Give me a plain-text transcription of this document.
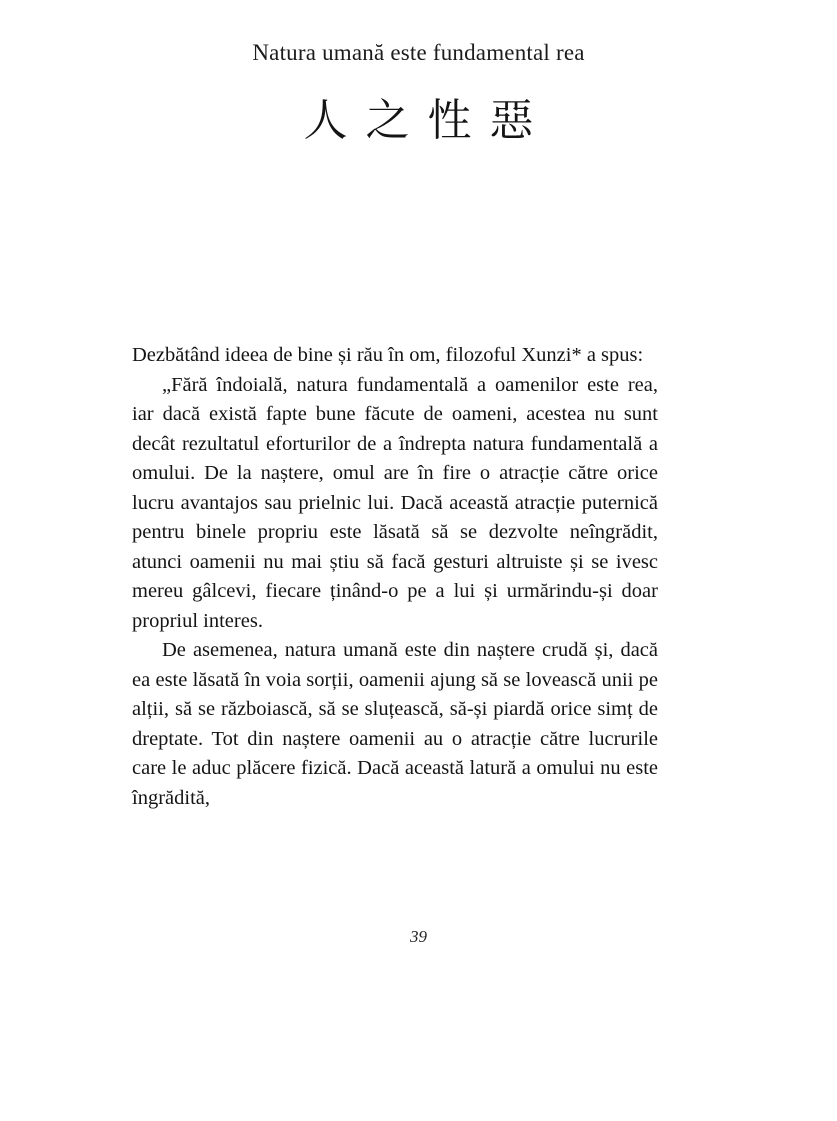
Natura umană este fundamental rea
人之性惡

Dezbătând ideea de bine și rău în om, filozoful Xunzi* a spus:

„Fără îndoială, natura fundamentală a oamenilor este rea, iar dacă există fapte bune făcute de oameni, acestea nu sunt decât rezultatul eforturilor de a îndrepta natura fundamentală a omului. De la naștere, omul are în fire o atracție către orice lucru avantajos sau prielnic lui. Dacă această atracție puternică pentru binele propriu este lăsată să se dezvolte neîngrădit, atunci oamenii nu mai știu să facă gesturi altruiste și se ivesc mereu gâlcevi, fiecare ținând-o pe a lui și urmărindu-și doar propriul interes.

De asemenea, natura umană este din naștere crudă și, dacă ea este lăsată în voia sorții, oamenii ajung să se lovească unii pe alții, să se războiască, să se sluțească, să-și piardă orice simț de dreptate. Tot din naștere oamenii au o atracție către lucrurile care le aduc plăcere fizică. Dacă această latură a omului nu este îngrădită,

39
